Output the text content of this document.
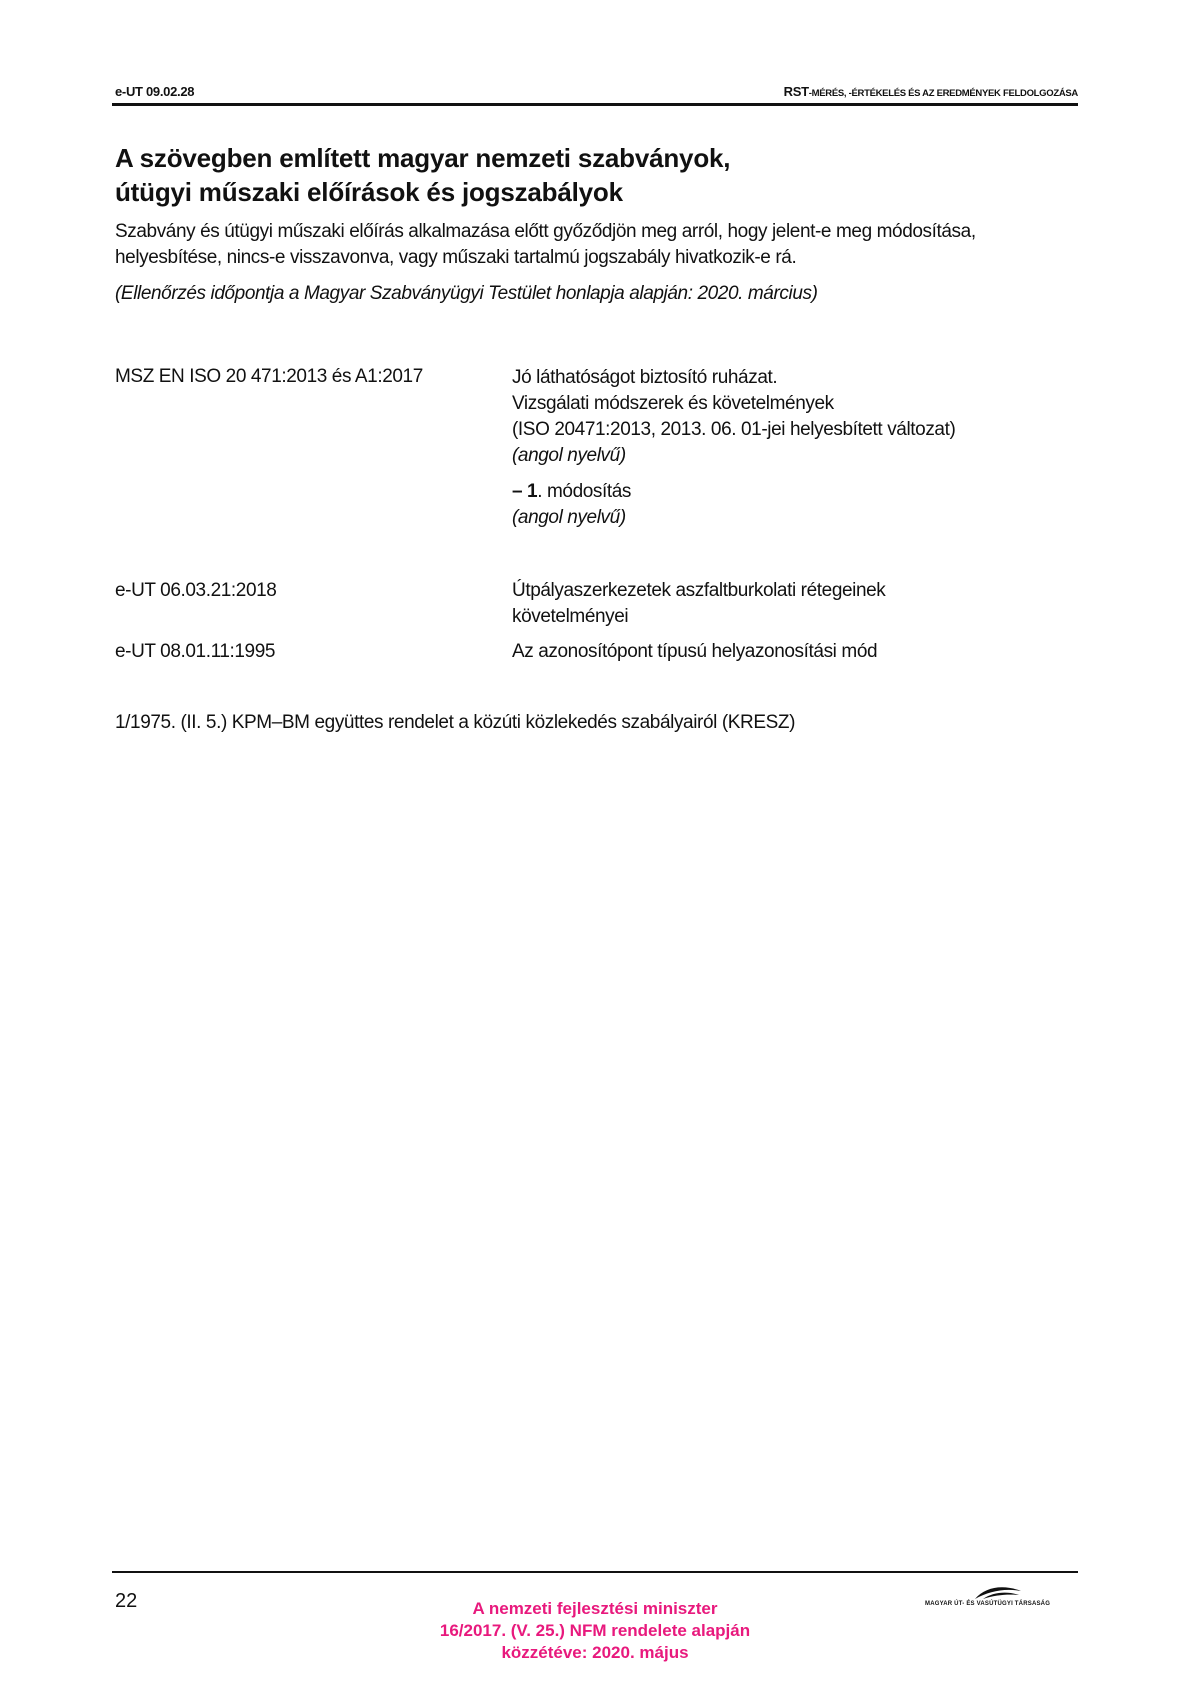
e-UT 09.02.28	RST-MÉRÉS, -ÉRTÉKELÉS ÉS AZ EREDMÉNYEK FELDOLGOZÁSA
A szövegben említett magyar nemzeti szabványok,
útügyi műszaki előírások és jogszabályok

Szabvány és útügyi műszaki előírás alkalmazása előtt győződjön meg arról, hogy jelent-e meg módosítása, helyesbítése, nincs-e visszavonva, vagy műszaki tartalmú jogszabály hivatkozik-e rá.

(Ellenőrzés időpontja a Magyar Szabványügyi Testület honlapja alapján: 2020. március)

MSZ EN ISO 20 471:2013 és A1:2017	Jó láthatóságot biztosító ruházat.
Vizsgálati módszerek és követelmények
(ISO 20471:2013, 2013. 06. 01-jei helyesbített változat)
(angol nyelvű)
– 1. módosítás
(angol nyelvű)
e-UT 06.03.21:2018	Útpályaszerkezetek aszfaltburkolati rétegeinek
követelményei
e-UT 08.01.11:1995	Az azonosítópont típusú helyazonosítási mód
1/1975. (II. 5.) KPM–BM együttes rendelet a közúti közlekedés szabályairól (KRESZ)
22	A nemzeti fejlesztési miniszter
16/2017. (V. 25.) NFM rendelete alapján
közzétéve: 2020. május
MAGYAR ÚT- ÉS VASÚTÜGYI TÁRSASÁG
